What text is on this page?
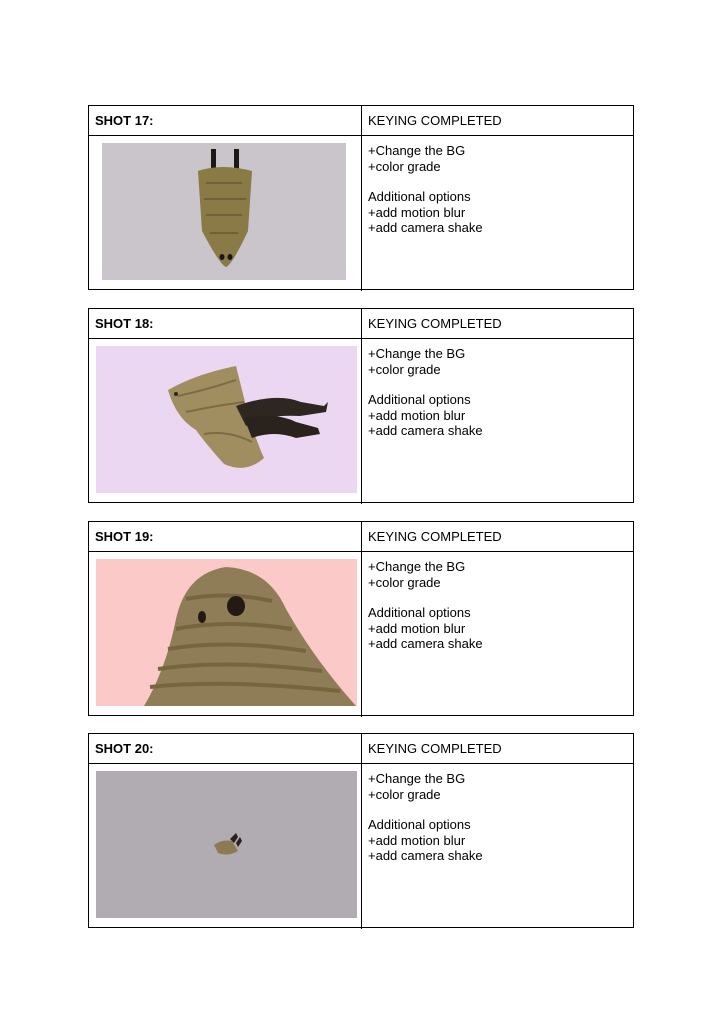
SHOT 17:	KEYING COMPLETED

+Change the BG

+color grade

Additional options

+add motion blur

+add camera shake

SHOT 18:	KEYING COMPLETED

+Change the BG

+color grade

Additional options

+add motion blur

+add camera shake

SHOT 19:	KEYING COMPLETED

+Change the BG

+color grade

Additional options

+add motion blur

+add camera shake

SHOT 20:	KEYING COMPLETED

+Change the BG

+color grade

Additional options

+add motion blur

+add camera shake
